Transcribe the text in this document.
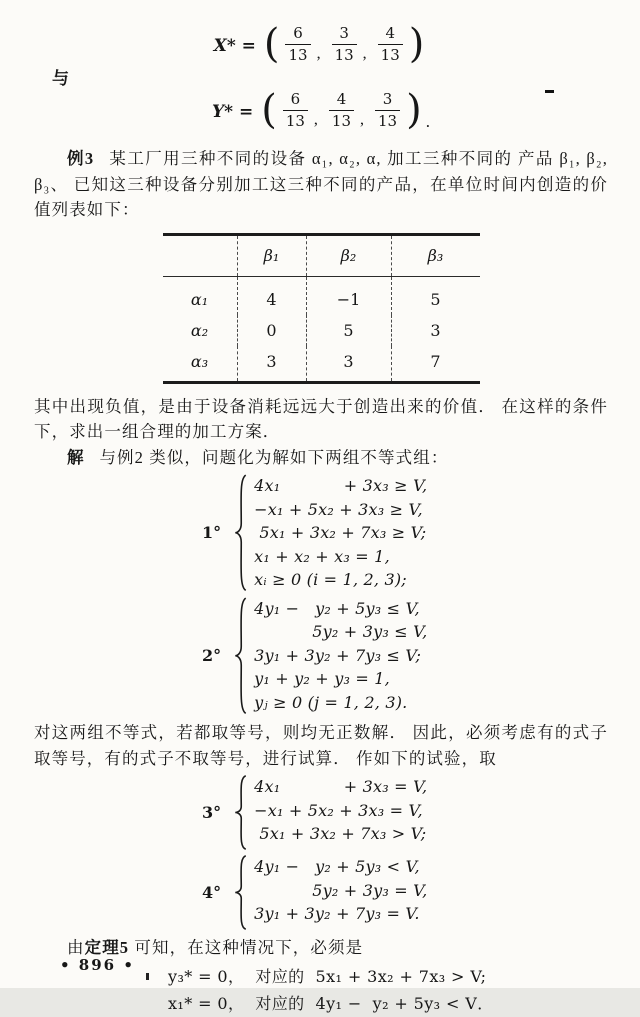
X* = ( $\frac{6}{13}$ , $\frac{3}{13}$ , $\frac{4}{13}$ )
与
Y* = ( $\frac{6}{13}$ , $\frac{4}{13}$ , $\frac{3}{13}$ ) .

例3 某工厂用三种不同的设备 α₁, α₂, α, 加工三种不同的 产品 β₁, β₂, β₃、 已知这三种设备分别加工这三种不同的产品，在单位时间内创造的价值列表如下：

	β₁	β₂	β₃
α₁	4	−1	5
α₂	0	5	3
α₃	3	3	7

其中出现负值，是由于设备消耗远远大于创造出来的价值． 在这样的条件下，求出一组合理的加工方案．

解 与例2 类似，问题化为解如下两组不等式组：

1°
4x₁            + 3x₃ ≥ V,
−x₁ + 5x₂ + 3x₃ ≥ V,
5x₁ + 3x₂ + 7x₃ ≥ V;
x₁ + x₂ + x₃ = 1,
xᵢ ≥ 0 (i = 1, 2, 3);
2°
4y₁ −   y₂ + 5y₃ ≤ V,
5y₂ + 3y₃ ≤ V,
3y₁ + 3y₂ + 7y₃ ≤ V;
y₁ + y₂ + y₃ = 1,
yⱼ ≥ 0 (j = 1, 2, 3).

对这两组不等式，若都取等号，则均无正数解． 因此，必须考虑有的式子取等号，有的式子不取等号，进行试算． 作如下的试验，取

3°
4x₁            + 3x₃ = V,
−x₁ + 5x₂ + 3x₃ = V,
5x₁ + 3x₂ + 7x₃ > V;
4°
4y₁ −   y₂ + 5y₃ < V,
5y₂ + 3y₃ = V,
3y₁ + 3y₂ + 7y₃ = V.

由定理5 可知，在这种情况下，必须是

y₃* = 0，  对应的  5x₁ + 3x₂ + 7x₃ > V;
x₁* = 0，  对应的  4y₁ −  y₂ + 5y₃ < V．
• 896 •
